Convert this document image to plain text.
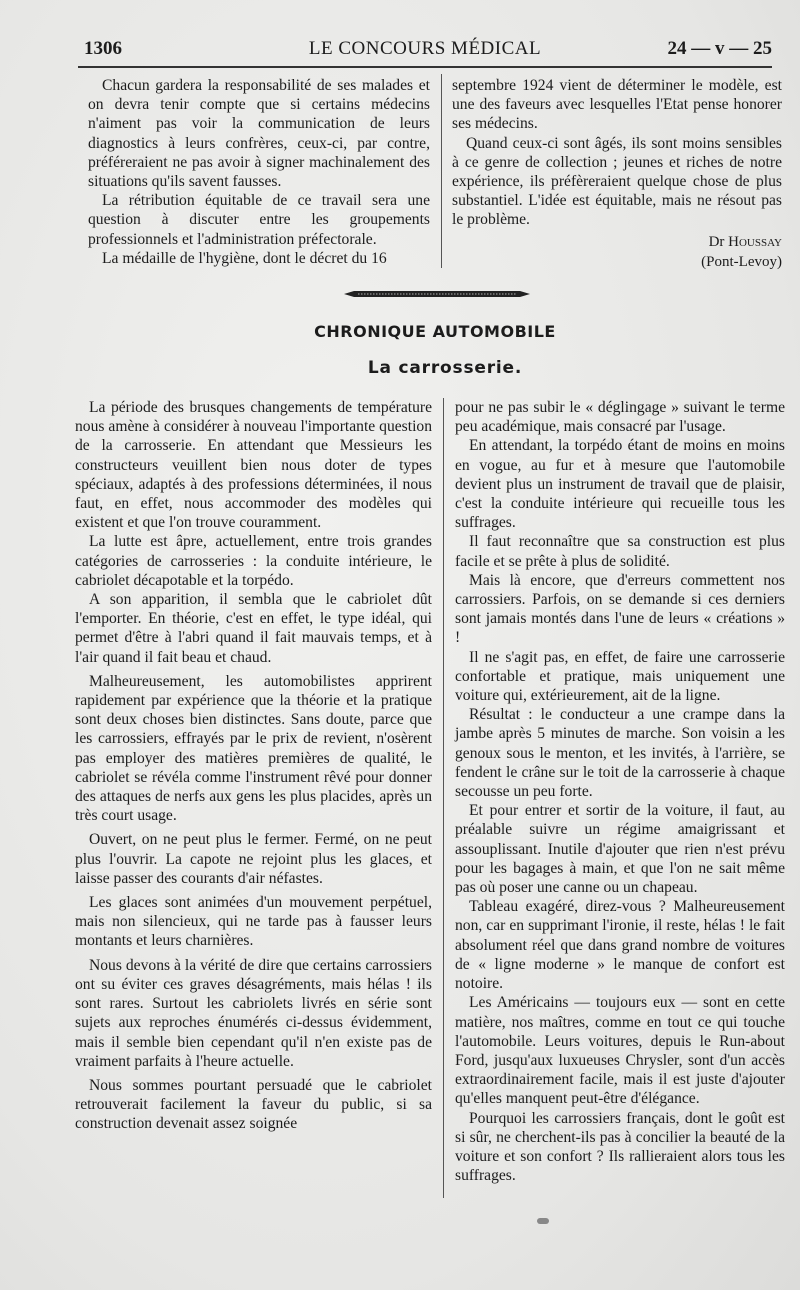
1306	LE CONCOURS MÉDICAL	24 — v — 25

Chacun gardera la responsabilité de ses malades et on devra tenir compte que si certains médecins n'aiment pas voir la communication de leurs diagnostics à leurs confrères, ceux-ci, par contre, préféreraient ne pas avoir à signer machinalement des situations qu'ils savent fausses.

La rétribution équitable de ce travail sera une question à discuter entre les groupements professionnels et l'administration préfectorale.

La médaille de l'hygiène, dont le décret du 16

septembre 1924 vient de déterminer le modèle, est une des faveurs avec lesquelles l'Etat pense honorer ses médecins.

Quand ceux-ci sont âgés, ils sont moins sensibles à ce genre de collection ; jeunes et riches de notre expérience, ils préfèreraient quelque chose de plus substantiel. L'idée est équitable, mais ne résout pas le problème.

Dr Houssay
(Pont-Levoy)
CHRONIQUE AUTOMOBILE
La carrosserie.

La période des brusques changements de température nous amène à considérer à nouveau l'importante question de la carrosserie. En attendant que Messieurs les constructeurs veuillent bien nous doter de types spéciaux, adaptés à des professions déterminées, il nous faut, en effet, nous accommoder des modèles qui existent et que l'on trouve couramment.

La lutte est âpre, actuellement, entre trois grandes catégories de carrosseries : la conduite intérieure, le cabriolet décapotable et la torpédo.

A son apparition, il sembla que le cabriolet dût l'emporter. En théorie, c'est en effet, le type idéal, qui permet d'être à l'abri quand il fait mauvais temps, et à l'air quand il fait beau et chaud.

Malheureusement, les automobilistes apprirent rapidement par expérience que la théorie et la pratique sont deux choses bien distinctes. Sans doute, parce que les carrossiers, effrayés par le prix de revient, n'osèrent pas employer des matières premières de qualité, le cabriolet se révéla comme l'instrument rêvé pour donner des attaques de nerfs aux gens les plus placides, après un très court usage.

Ouvert, on ne peut plus le fermer. Fermé, on ne peut plus l'ouvrir. La capote ne rejoint plus les glaces, et laisse passer des courants d'air néfastes.

Les glaces sont animées d'un mouvement perpétuel, mais non silencieux, qui ne tarde pas à fausser leurs montants et leurs charnières.

Nous devons à la vérité de dire que certains carrossiers ont su éviter ces graves désagréments, mais hélas ! ils sont rares. Surtout les cabriolets livrés en série sont sujets aux reproches énumérés ci-dessus évidemment, mais il semble bien cependant qu'il n'en existe pas de vraiment parfaits à l'heure actuelle.

Nous sommes pourtant persuadé que le cabriolet retrouverait facilement la faveur du public, si sa construction devenait assez soignée

pour ne pas subir le « déglingage » suivant le terme peu académique, mais consacré par l'usage.

En attendant, la torpédo étant de moins en moins en vogue, au fur et à mesure que l'automobile devient plus un instrument de travail que de plaisir, c'est la conduite intérieure qui recueille tous les suffrages.

Il faut reconnaître que sa construction est plus facile et se prête à plus de solidité.

Mais là encore, que d'erreurs commettent nos carrossiers. Parfois, on se demande si ces derniers sont jamais montés dans l'une de leurs « créations » !

Il ne s'agit pas, en effet, de faire une carrosserie confortable et pratique, mais uniquement une voiture qui, extérieurement, ait de la ligne.

Résultat : le conducteur a une crampe dans la jambe après 5 minutes de marche. Son voisin a les genoux sous le menton, et les invités, à l'arrière, se fendent le crâne sur le toit de la carrosserie à chaque secousse un peu forte.

Et pour entrer et sortir de la voiture, il faut, au préalable suivre un régime amaigrissant et assouplissant. Inutile d'ajouter que rien n'est prévu pour les bagages à main, et que l'on ne sait même pas où poser une canne ou un chapeau.

Tableau exagéré, direz-vous ? Malheureusement non, car en supprimant l'ironie, il reste, hélas ! le fait absolument réel que dans grand nombre de voitures de « ligne moderne » le manque de confort est notoire.

Les Américains — toujours eux — sont en cette matière, nos maîtres, comme en tout ce qui touche l'automobile. Leurs voitures, depuis le Run-about Ford, jusqu'aux luxueuses Chrysler, sont d'un accès extraordinairement facile, mais il est juste d'ajouter qu'elles manquent peut-être d'élégance.

Pourquoi les carrossiers français, dont le goût est si sûr, ne cherchent-ils pas à concilier la beauté de la voiture et son confort ? Ils rallieraient alors tous les suffrages.
